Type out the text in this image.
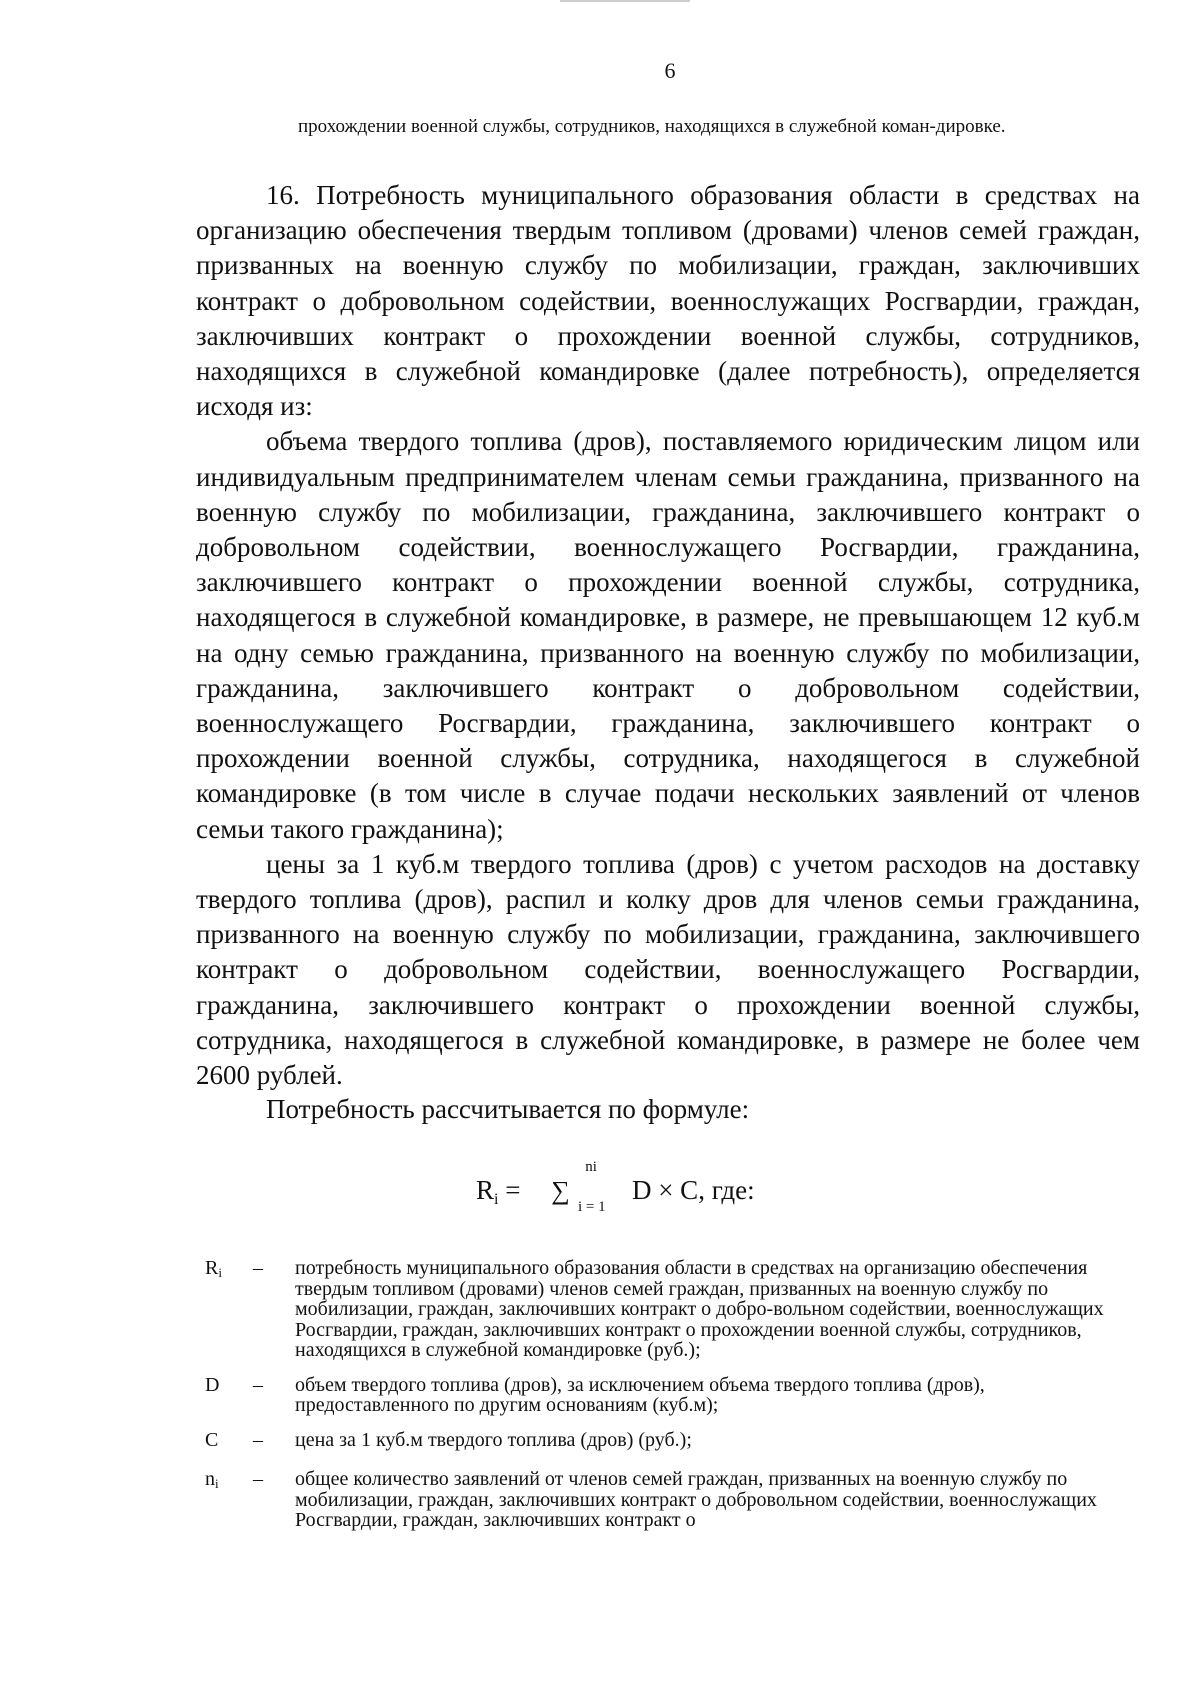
6
прохождении военной службы, сотрудников, находящихся в служебной коман-дировке.

16. Потребность муниципального образования области в средствах на организацию обеспечения твердым топливом (дровами) членов семей граждан, призванных на военную службу по мобилизации, граждан, заключивших контракт о добровольном содействии, военнослужащих Росгвардии, граждан, заключивших контракт о прохождении военной службы, сотрудников, находящихся в служебной командировке (далее потребность), определяется исходя из:

объема твердого топлива (дров), поставляемого юридическим лицом или индивидуальным предпринимателем членам семьи гражданина, призванного на военную службу по мобилизации, гражданина, заключившего контракт о добровольном содействии, военнослужащего Росгвардии, гражданина, заключившего контракт о прохождении военной службы, сотрудника, находящегося в служебной командировке, в размере, не превышающем 12 куб.м на одну семью гражданина, призванного на военную службу по мобилизации, гражданина, заключившего контракт о добровольном содействии, военнослужащего Росгвардии, гражданина, заключившего контракт о прохождении военной службы, сотрудника, находящегося в служебной командировке (в том числе в случае подачи нескольких заявлений от членов семьи такого гражданина);

цены за 1 куб.м твердого топлива (дров) с учетом расходов на доставку твердого топлива (дров), распил и колку дров для членов семьи гражданина, призванного на военную службу по мобилизации, гражданина, заключившего контракт о добровольном содействии, военнослужащего Росгвардии, гражданина, заключившего контракт о прохождении военной службы, сотрудника, находящегося в служебной командировке, в размере не более чем 2600 рублей.

Потребность рассчитывается по формуле:
$R_i$ = ∑
ni
D × C, где:
i = 1
$R_i$	–	потребность муниципального образования области в средствах на организацию обеспечения твердым топливом (дровами) членов семей граждан, призванных на военную службу по мобилизации, граждан, заключивших контракт о добро-вольном содействии, военнослужащих Росгвардии, граждан, заключивших контракт о прохождении военной службы, сотрудников, находящихся в служебной командировке (руб.);
D	–	объем твердого топлива (дров), за исключением объема твердого топлива (дров), предоставленного по другим основаниям (куб.м);
C	–	цена за 1 куб.м твердого топлива (дров) (руб.);
$n_i$	–	общее количество заявлений от членов семей граждан, призванных на военную службу по мобилизации, граждан, заключивших контракт о добровольном содействии, военнослужащих Росгвардии, граждан, заключивших контракт о
